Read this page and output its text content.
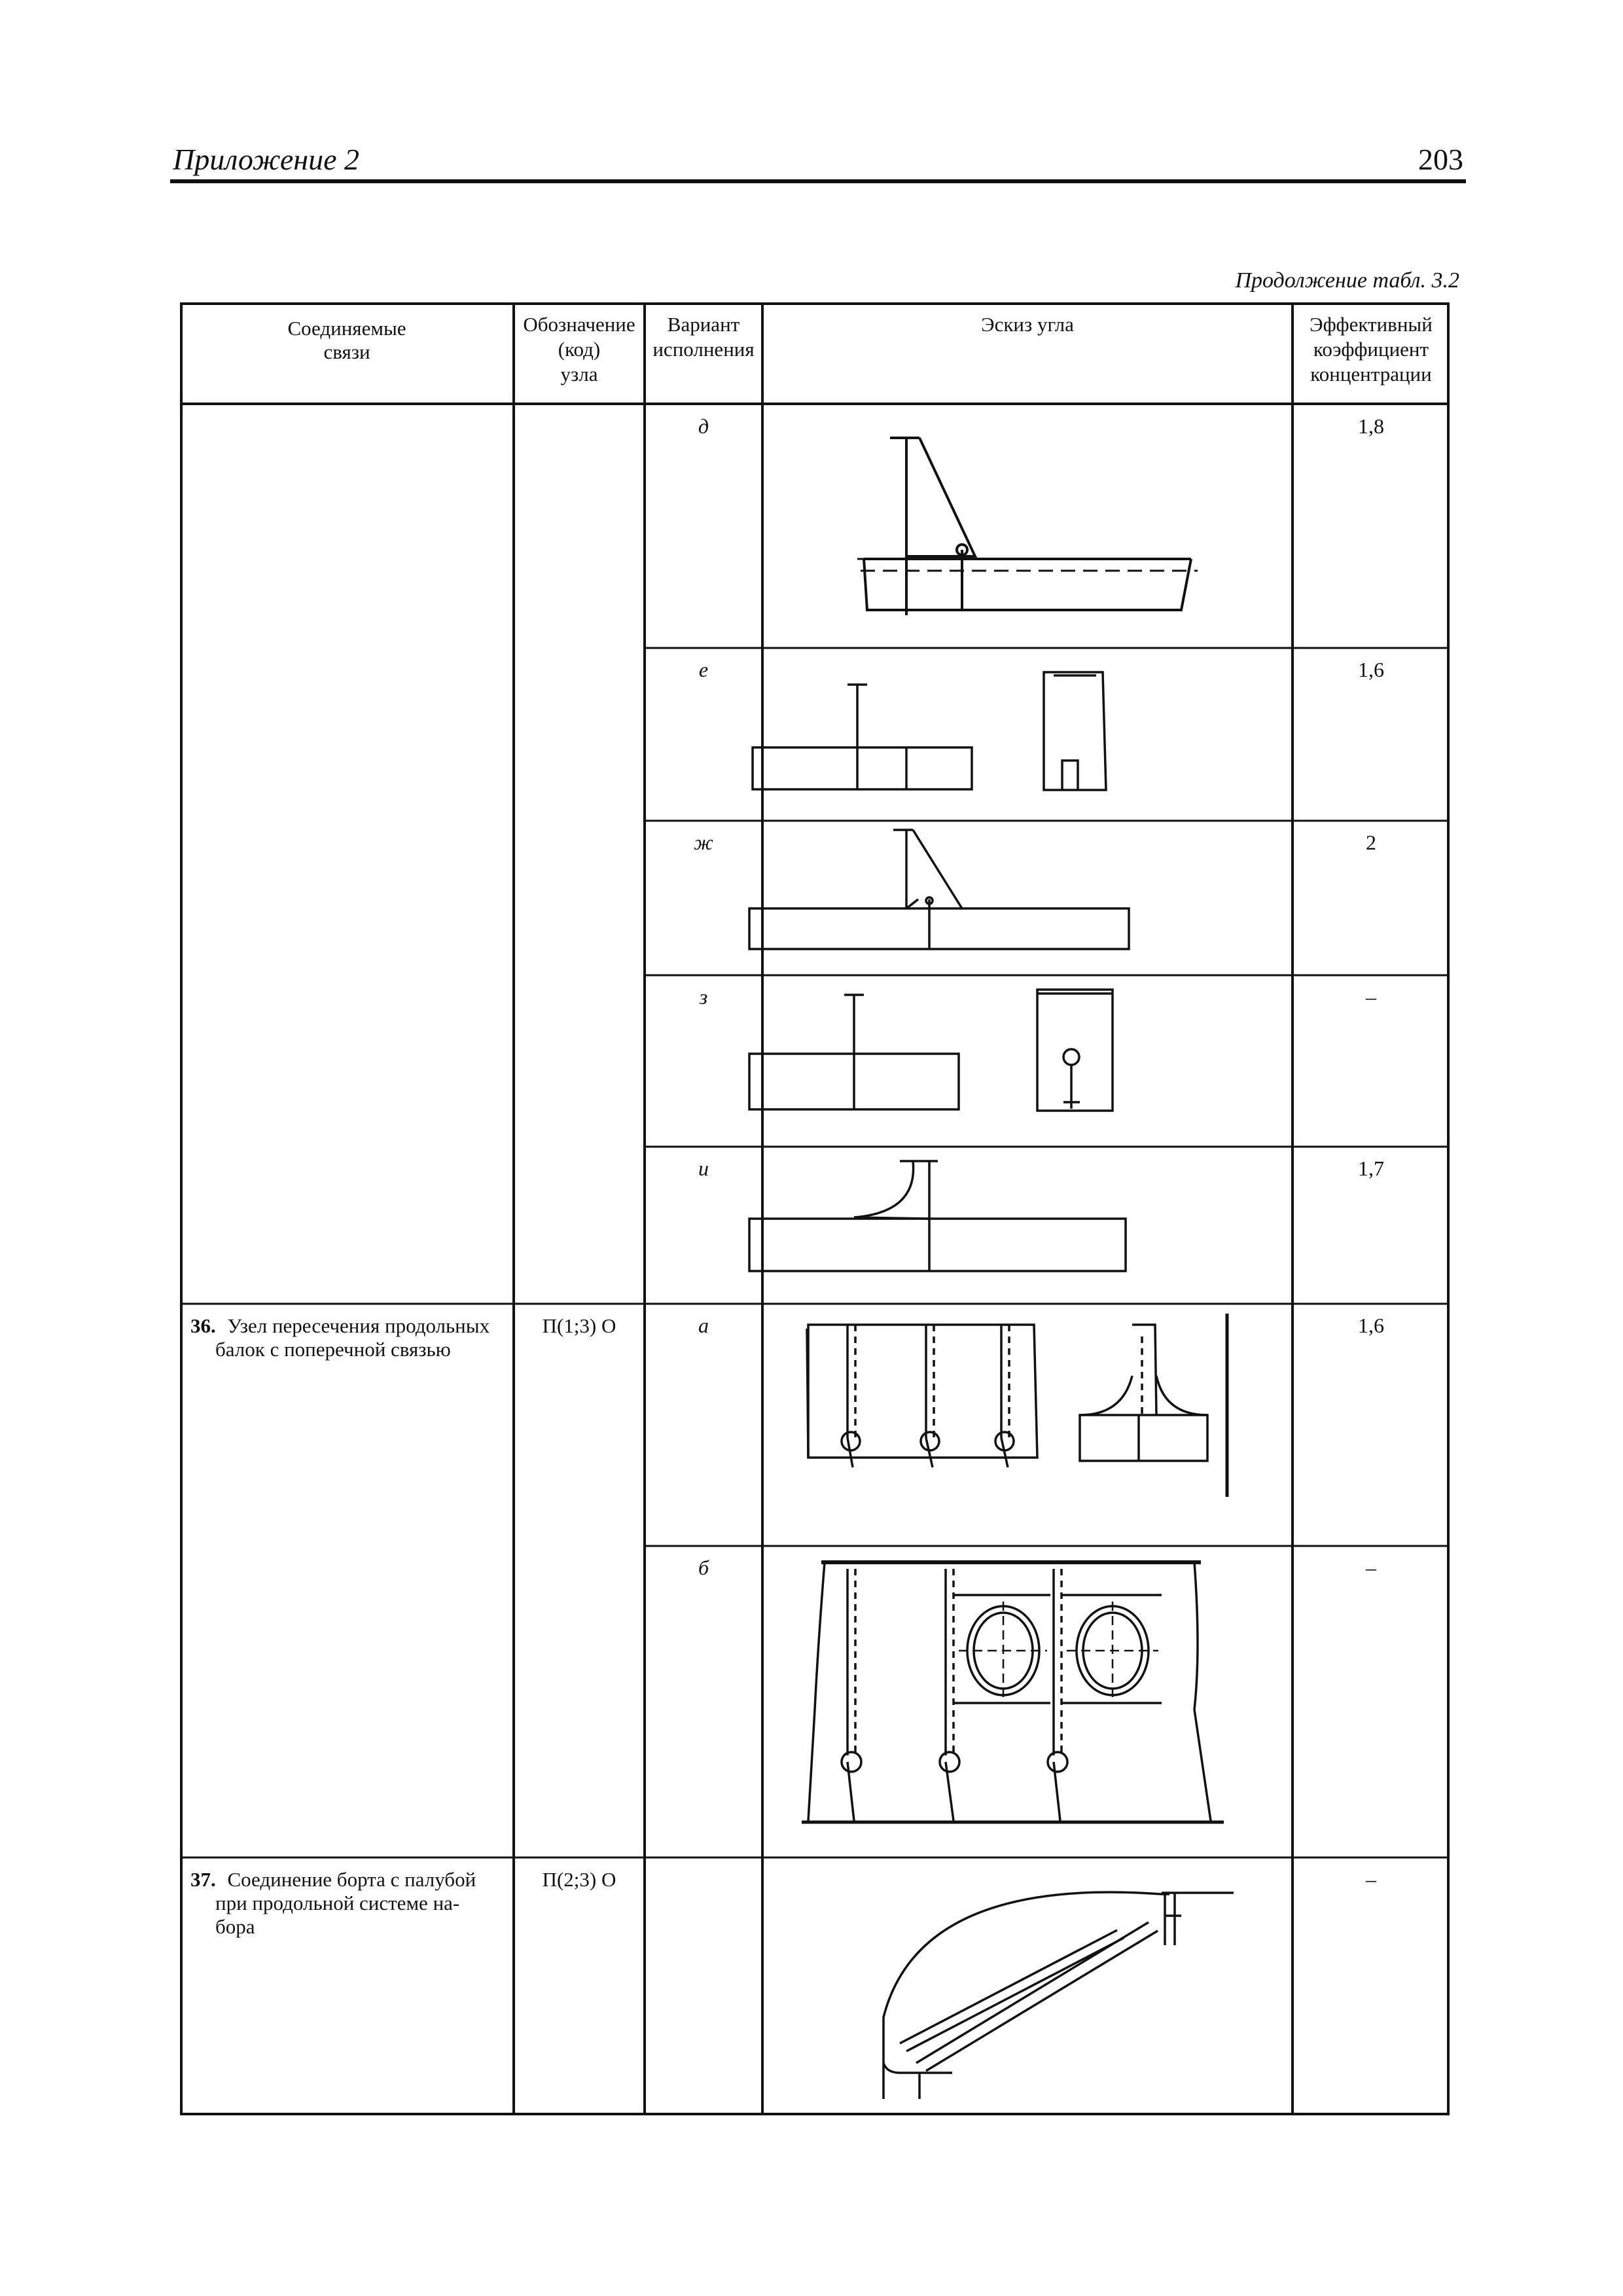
Приложение 2	203
Продолжение табл. 3.2
Соединяемые
связи
Обозначение
(код)
узла
Вариант
исполнения
Эскиз угла	Эффективный
коэффициент
концентрации
д
е
ж
з
и
а
б
1,8
1,6
2
–
1,7
1,6
–
–
П(1;3) О
П(2;3) О
36. Узел пересечения продольных
балок с поперечной связью
37. Соединение борта с палубой
при продольной системе на-
бора
